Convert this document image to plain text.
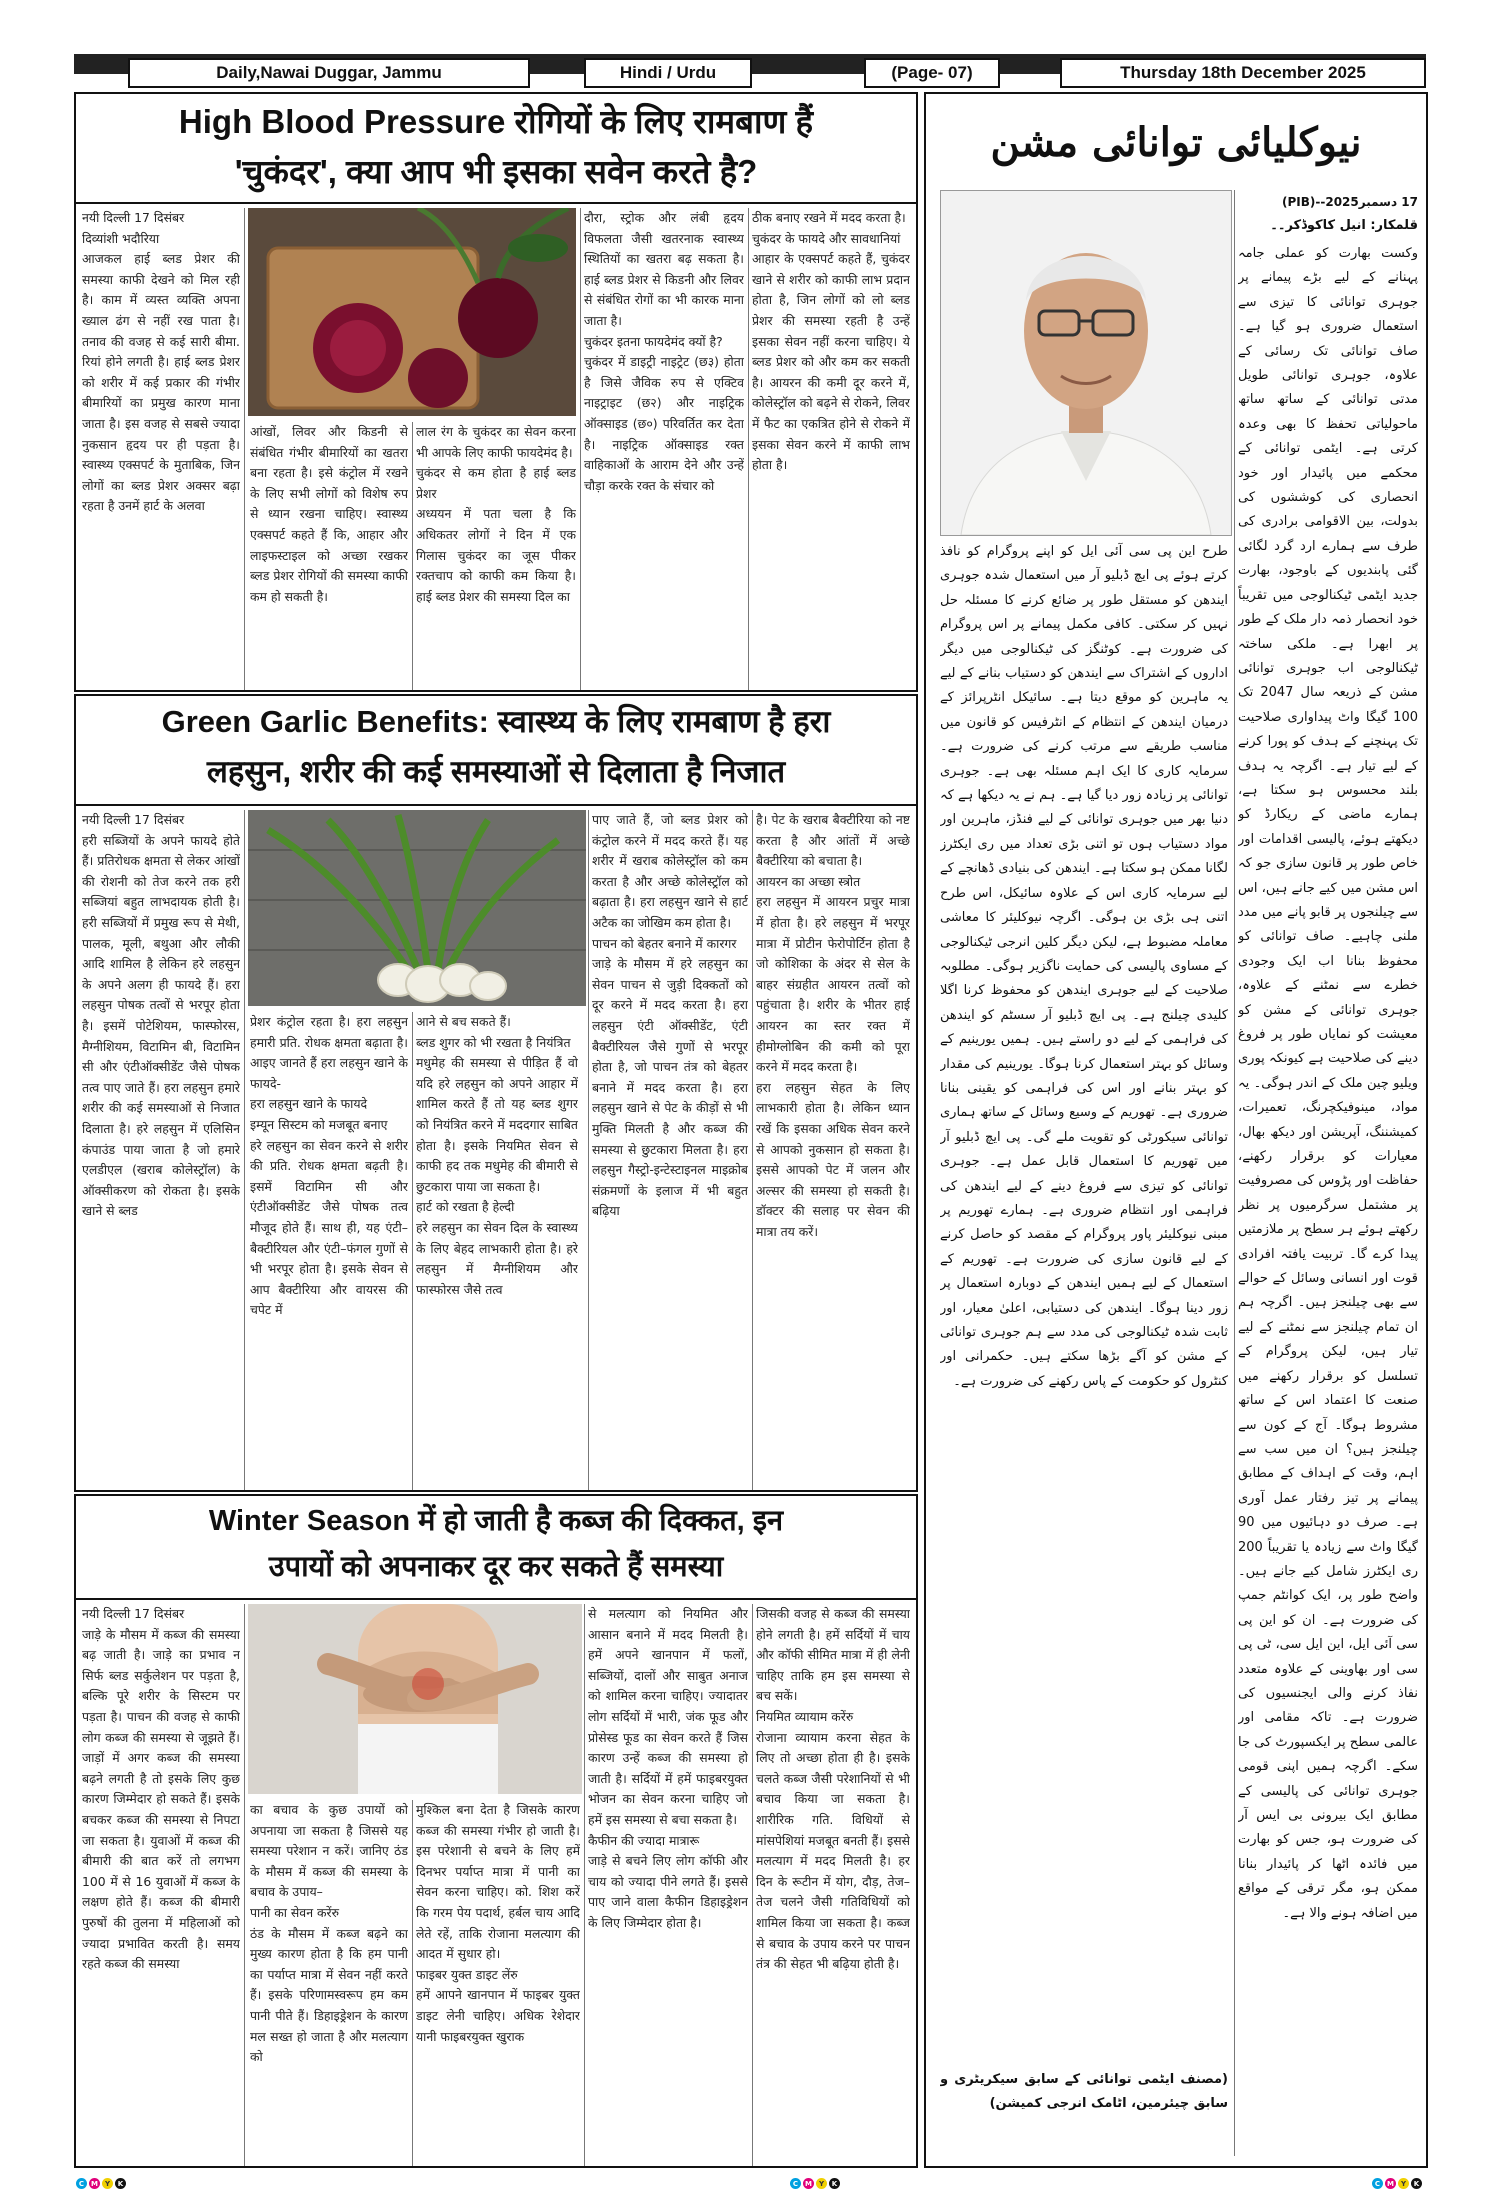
Daily,Nawai Duggar, Jammu	Hindi / Urdu	(Page- 07)	Thursday 18th December 2025
High Blood Pressure रोगियों के लिए रामबाण हैं
'चुकंदर', क्या आप भी इसका सवेन करते है?
नयी दिल्ली 17 दिसंबर
दिव्यांशी भदौरिया
आजकल हाई ब्लड प्रेशर की समस्या काफी देखने को मिल रही है। काम में व्यस्त व्यक्ति अपना ख्याल ढंग से नहीं रख पाता है। तनाव की वजह से कई सारी बीमा. रियां होने लगती है। हाई ब्लड प्रेशर को शरीर में कई प्रकार की गंभीर बीमारियों का प्रमुख कारण माना जाता है। इस वजह से सबसे ज्यादा नुकसान हृदय पर ही पड़ता है। स्वास्थ्य एक्सपर्ट के मुताबिक, जिन लोगों का ब्लड प्रेशर अक्सर बढ़ा रहता है उनमें हार्ट के अलवा
आंखों, लिवर और किडनी से संबंधित गंभीर बीमारियों का खतरा बना रहता है। इसे कंट्रोल में रखने के लिए सभी लोगों को विशेष रुप से ध्यान रखना चाहिए। स्वास्थ्य एक्सपर्ट कहते हैं कि, आहार और लाइफस्टाइल को अच्छा रखकर ब्लड प्रेशर रोगियों की समस्या काफी कम हो सकती है।
लाल रंग के चुकंदर का सेवन करना भी आपके लिए काफी फायदेमंद है।
चुकंदर से कम होता है हाई ब्लड प्रेशर
अध्ययन में पता चला है कि अधिकतर लोगों ने दिन में एक गिलास चुकंदर का जूस पीकर रक्तचाप को काफी कम किया है। हाई ब्लड प्रेशर की समस्या दिल का
दौरा, स्ट्रोक और लंबी हृदय विफलता जैसी खतरनाक स्वास्थ्य स्थितियों का खतरा बढ़ सकता है। हाई ब्लड प्रेशर से किडनी और लिवर से संबंधित रोगों का भी कारक माना जाता है।
चुकंदर इतना फायदेमंद क्यों है?
चुकंदर में डाइट्री नाइट्रेट (छ३) होता है जिसे जैविक रुप से एक्टिव नाइट्राइट (छ२) और नाइट्रिक ऑक्साइड (छ०) परिवर्तित कर देता है। नाइट्रिक ऑक्साइड रक्त वाहिकाओं के आराम देने और उन्हें चौड़ा करके रक्त के संचार को
ठीक बनाए रखने में मदद करता है।
चुकंदर के फायदे और सावधानियां
आहार के एक्सपर्ट कहते हैं, चुकंदर खाने से शरीर को काफी लाभ प्रदान होता है, जिन लोगों को लो ब्लड प्रेशर की समस्या रहती है उन्हें इसका सेवन नहीं करना चाहिए। ये ब्लड प्रेशर को और कम कर सकती है। आयरन की कमी दूर करने में, कोलेस्ट्रॉल को बढ़ने से रोकने, लिवर में फैट का एकत्रित होने से रोकने में इसका सेवन करने में काफी लाभ होता है।
Green Garlic Benefits: स्वास्थ्य के लिए रामबाण है हरा
लहसुन, शरीर की कई समस्याओं से दिलाता है निजात
नयी दिल्ली 17 दिसंबर
हरी सब्जियों के अपने फायदे होते हैं। प्रतिरोधक क्षमता से लेकर आंखों की रोशनी को तेज करने तक हरी सब्जियां बहुत लाभदायक होती है। हरी सब्जियों में प्रमुख रूप से मेथी, पालक, मूली, बथुआ और लौकी आदि शामिल है लेकिन हरे लहसुन के अपने अलग ही फायदे हैं। हरा लहसुन पोषक तत्वों से भरपूर होता है। इसमें पोटेशियम, फास्फोरस, मैग्नीशियम, विटामिन बी, विटामिन सी और एंटीऑक्सीडेंट जैसे पोषक तत्व पाए जाते हैं। हरा लहसुन हमारे शरीर की कई समस्याओं से निजात दिलाता है। हरे लहसुन में एलिसिन कंपाउंड पाया जाता है जो हमारे एलडीएल (खराब कोलेस्ट्रॉल) के ऑक्सीकरण को रोकता है। इसके खाने से ब्लड
प्रेशर कंट्रोल रहता है। हरा लहसुन हमारी प्रति. रोधक क्षमता बढ़ाता है। आइए जानते हैं हरा लहसुन खाने के फायदे-
हरा लहसुन खाने के फायदे
इम्यून सिस्टम को मजबूत बनाए
हरे लहसुन का सेवन करने से शरीर की प्रति. रोधक क्षमता बढ़ती है। इसमें विटामिन सी और एंटीऑक्सीडेंट जैसे पोषक तत्व मौजूद होते हैं। साथ ही, यह एंटी–बैक्टीरियल और एंटी–फंगल गुणों से भी भरपूर होता है। इसके सेवन से आप बैक्टीरिया और वायरस की चपेट में
आने से बच सकते हैं।
ब्लड शुगर को भी रखता है नियंत्रित
मधुमेह की समस्या से पीड़ित हैं वो यदि हरे लहसुन को अपने आहार में शामिल करते हैं तो यह ब्लड शुगर को नियंत्रित करने में मददगार साबित होता है। इसके नियमित सेवन से काफी हद तक मधुमेह की बीमारी से छुटकारा पाया जा सकता है।
हार्ट को रखता है हेल्दी
हरे लहसुन का सेवन दिल के स्वास्थ्य के लिए बेहद लाभकारी होता है। हरे लहसुन में मैग्नीशियम और फास्फोरस जैसे तत्व
पाए जाते हैं, जो ब्लड प्रेशर को कंट्रोल करने में मदद करते हैं। यह शरीर में खराब कोलेस्ट्रॉल को कम करता है और अच्छे कोलेस्ट्रॉल को बढ़ाता है। हरा लहसुन खाने से हार्ट अटैक का जोखिम कम होता है।
पाचन को बेहतर बनाने में कारगर
जाड़े के मौसम में हरे लहसुन का सेवन पाचन से जुड़ी दिक्कतों को दूर करने में मदद करता है। हरा लहसुन एंटी ऑक्सीडेंट, एंटी बैक्टीरियल जैसे गुणों से भरपूर होता है, जो पाचन तंत्र को बेहतर बनाने में मदद करता है। हरा लहसुन खाने से पेट के कीड़ों से भी मुक्ति मिलती है और कब्ज की समस्या से छुटकारा मिलता है। हरा लहसुन गैस्ट्रो-इन्टेस्टाइनल माइक्रोब संक्रमणों के इलाज में भी बहुत बढ़िया
है। पेट के खराब बैक्टीरिया को नष्ट करता है और आंतों में अच्छे बैक्टीरिया को बचाता है।
आयरन का अच्छा स्त्रोत
हरा लहसुन में आयरन प्रचुर मात्रा में होता है। हरे लहसुन में भरपूर मात्रा में प्रोटीन फेरोपोर्टिन होता है जो कोशिका के अंदर से सेल के बाहर संग्रहीत आयरन तत्वों को पहुंचाता है। शरीर के भीतर हाई आयरन का स्तर रक्त में हीमोग्लोबिन की कमी को पूरा करने में मदद करता है।
हरा लहसुन सेहत के लिए लाभकारी होता है। लेकिन ध्यान रखें कि इसका अधिक सेवन करने से आपको नुकसान हो सकता है। इससे आपको पेट में जलन और अल्सर की समस्या हो सकती है। डॉक्टर की सलाह पर सेवन की मात्रा तय करें।
Winter Season में हो जाती है कब्ज की दिक्कत, इन
उपायों को अपनाकर दूर कर सकते हैं समस्या
नयी दिल्ली 17 दिसंबर
जाड़े के मौसम में कब्ज की समस्या बढ़ जाती है। जाड़े का प्रभाव न सिर्फ ब्लड सर्कुलेशन पर पड़ता है, बल्कि पूरे शरीर के सिस्टम पर पड़ता है। पाचन की वजह से काफी लोग कब्ज की समस्या से जूझते हैं। जाड़ों में अगर कब्ज की समस्या बढ़ने लगती है तो इसके लिए कुछ कारण जिम्मेदार हो सकते हैं। इसके बचकर कब्ज की समस्या से निपटा जा सकता है। युवाओं में कब्ज की बीमारी की बात करें तो लगभग 100 में से 16 युवाओं में कब्ज के लक्षण होते हैं। कब्ज की बीमारी पुरुषों की तुलना में महिलाओं को ज्यादा प्रभावित करती है। समय रहते कब्ज की समस्या
का बचाव के कुछ उपायों को अपनाया जा सकता है जिससे यह समस्या परेशान न करें। जानिए ठंड के मौसम में कब्ज की समस्या के बचाव के उपाय–
पानी का सेवन करेंरु
ठंड के मौसम में कब्ज बढ़ने का मुख्य कारण होता है कि हम पानी का पर्याप्त मात्रा में सेवन नहीं करते हैं। इसके परिणामस्वरूप हम कम पानी पीते हैं। डिहाइड्रेशन के कारण मल सख्त हो जाता है और मलत्याग को
मुश्किल बना देता है जिसके कारण कब्ज की समस्या गंभीर हो जाती है। इस परेशानी से बचने के लिए हमें दिनभर पर्याप्त मात्रा में पानी का सेवन करना चाहिए। को. शिश करें कि गरम पेय पदार्थ, हर्बल चाय आदि लेते रहें, ताकि रोजाना मलत्याग की आदत में सुधार हो।
फाइबर युक्त डाइट लेंरु
हमें आपने खानपान में फाइबर युक्त डाइट लेनी चाहिए। अधिक रेशेदार यानी फाइबरयुक्त खुराक
से मलत्याग को नियमित और आसान बनाने में मदद मिलती है। हमें अपने खानपान में फलों, सब्जियों, दालों और साबुत अनाज को शामिल करना चाहिए। ज्यादातर लोग सर्दियों में भारी, जंक फूड और प्रोसेस्ड फूड का सेवन करते हैं जिस कारण उन्हें कब्ज की समस्या हो जाती है। सर्दियों में हमें फाइबरयुक्त भोजन का सेवन करना चाहिए जो हमें इस समस्या से बचा सकता है।
कैफीन की ज्यादा मात्रारू
जाड़े से बचने लिए लोग कॉफी और चाय को ज्यादा पीने लगते हैं। इससे पाए जाने वाला कैफीन डिहाइड्रेशन के लिए जिम्मेदार होता है।
जिसकी वजह से कब्ज की समस्या होने लगती है। हमें सर्दियों में चाय और कॉफी सीमित मात्रा में ही लेनी चाहिए ताकि हम इस समस्या से बच सकें।
नियमित व्यायाम करेंरु
रोजाना व्यायाम करना सेहत के लिए तो अच्छा होता ही है। इसके चलते कब्ज जैसी परेशानियों से भी बचाव किया जा सकता है। शारीरिक गति. विधियों से मांसपेशियां मजबूत बनती हैं। इससे मलत्याग में मदद मिलती है। हर दिन के रूटीन में योग, दौड़, तेज–तेज चलने जैसी गतिविधियों को शामिल किया जा सकता है। कब्ज से बचाव के उपाय करने पर पाचन तंत्र की सेहत भी बढ़िया होती है।
نیوکلیائی توانائی مشن
17 دسمبر2025--(PIB)
قلمکار: انیل کاکوڈکر۔۔
وکست بھارت کو عملی جامہ پہنانے کے لیے بڑے پیمانے پر جوہری توانائی کا تیزی سے استعمال ضروری ہو گیا ہے۔ صاف توانائی تک رسائی کے علاوہ، جوہری توانائی طویل مدتی توانائی کے ساتھ ساتھ ماحولیاتی تحفظ کا بھی وعدہ کرتی ہے۔ ایٹمی توانائی کے محکمے میں پائیدار اور خود انحصاری کی کوششوں کی بدولت، بین الاقوامی برادری کی طرف سے ہمارے ارد گرد لگائی گئی پابندیوں کے باوجود، بھارت جدید ایٹمی ٹیکنالوجی میں تقریباً خود انحصار ذمہ دار ملک کے طور پر ابھرا ہے۔ ملکی ساختہ ٹیکنالوجی اب جوہری توانائی مشن کے ذریعہ سال 2047 تک 100 گیگا واٹ پیداواری صلاحیت تک پہنچنے کے ہدف کو پورا کرنے کے لیے تیار ہے۔ اگرچہ یہ ہدف بلند محسوس ہو سکتا ہے، ہمارے ماضی کے ریکارڈ کو دیکھتے ہوئے، پالیسی اقدامات اور خاص طور پر قانون سازی جو کہ اس مشن میں کیے جانے ہیں، اس سے چیلنجوں پر قابو پانے میں مدد ملنی چاہیے۔ صاف توانائی کو محفوظ بنانا اب ایک وجودی خطرے سے نمٹنے کے علاوہ، جوہری توانائی کے مشن کو معیشت کو نمایاں طور پر فروغ دینے کی صلاحیت ہے کیونکہ پوری ویلیو چین ملک کے اندر ہوگی۔ یہ مواد، مینوفیکچرنگ، تعمیرات، کمیشننگ، آپریشن اور دیکھ بھال، معیارات کو برقرار رکھنے، حفاظت اور پڑوس کی مصروفیت پر مشتمل سرگرمیوں پر نظر رکھتے ہوئے ہر سطح پر ملازمتیں پیدا کرے گا۔ تربیت یافتہ افرادی قوت اور انسانی وسائل کے حوالے سے بھی چیلنجز ہیں۔ اگرچہ ہم ان تمام چیلنجز سے نمٹنے کے لیے تیار ہیں، لیکن پروگرام کے تسلسل کو برقرار رکھنے میں صنعت کا اعتماد اس کے ساتھ مشروط ہوگا۔ آج کے کون سے چیلنجز ہیں؟ ان میں سب سے اہم، وقت کے اہداف کے مطابق پیمانے پر تیز رفتار عمل آوری ہے۔ صرف دو دہائیوں میں 90 گیگا واٹ سے زیادہ یا تقریباً 200 ری ایکٹرز شامل کیے جانے ہیں۔ واضح طور پر، ایک کوانٹم جمپ کی ضرورت ہے۔ ان کو این پی سی آئی ایل، این ایل سی، ٹی پی سی اور بھاوینی کے علاوہ متعدد نفاذ کرنے والی ایجنسیوں کی ضرورت ہے۔ تاکہ مقامی اور عالمی سطح پر ایکسپورٹ کی جا سکے۔ اگرچہ ہمیں اپنی قومی جوہری توانائی کی پالیسی کے مطابق ایک بیرونی بی ایس آر کی ضرورت ہو، جس کو بھارت میں فائدہ اٹھا کر پائیدار بنانا ممکن ہو، مگر ترقی کے مواقع میں اضافہ ہونے والا ہے۔
طرح این پی سی آئی ایل کو اپنے پروگرام کو نافذ کرتے ہوئے پی ایچ ڈبلیو آر میں استعمال شدہ جوہری ایندھن کو مستقل طور پر ضائع کرنے کا مسئلہ حل نہیں کر سکتی۔ کافی مکمل پیمانے پر اس پروگرام کی ضرورت ہے۔ کوٹنگز کی ٹیکنالوجی میں دیگر اداروں کے اشتراک سے ایندھن کو دستیاب بنانے کے لیے یہ ماہرین کو موقع دیتا ہے۔ سائیکل انٹرپرائز کے درمیان ایندھن کے انتظام کے انٹرفیس کو قانون میں مناسب طریقے سے مرتب کرنے کی ضرورت ہے۔ سرمایہ کاری کا ایک اہم مسئلہ بھی ہے۔ جوہری توانائی پر زیادہ زور دیا گیا ہے۔ ہم نے یہ دیکھا ہے کہ دنیا بھر میں جوہری توانائی کے لیے فنڈز، ماہرین اور مواد دستیاب ہوں تو اتنی بڑی تعداد میں ری ایکٹرز لگانا ممکن ہو سکتا ہے۔ ایندھن کی بنیادی ڈھانچے کے لیے سرمایہ کاری اس کے علاوہ سائیکل، اس طرح اتنی ہی بڑی بن ہوگی۔ اگرچہ نیوکلیئر کا معاشی معاملہ مضبوط ہے، لیکن دیگر کلین انرجی ٹیکنالوجی کے مساوی پالیسی کی حمایت ناگزیر ہوگی۔ مطلوبہ صلاحیت کے لیے جوہری ایندھن کو محفوظ کرنا اگلا کلیدی چیلنج ہے۔ پی ایچ ڈبلیو آر سسٹم کو ایندھن کی فراہمی کے لیے دو راستے ہیں۔ ہمیں یورینیم کے وسائل کو بہتر استعمال کرنا ہوگا۔ یورینیم کی مقدار کو بہتر بنانے اور اس کی فراہمی کو یقینی بنانا ضروری ہے۔ تھوریم کے وسیع وسائل کے ساتھ ہماری توانائی سیکورٹی کو تقویت ملے گی۔ پی ایچ ڈبلیو آر میں تھوریم کا استعمال قابل عمل ہے۔ جوہری توانائی کو تیزی سے فروغ دینے کے لیے ایندھن کی فراہمی اور انتظام ضروری ہے۔ ہمارے تھوریم پر مبنی نیوکلیئر پاور پروگرام کے مقصد کو حاصل کرنے کے لیے قانون سازی کی ضرورت ہے۔ تھوریم کے استعمال کے لیے ہمیں ایندھن کے دوبارہ استعمال پر زور دینا ہوگا۔ ایندھن کی دستیابی، اعلیٰ معیار، اور ثابت شدہ ٹیکنالوجی کی مدد سے ہم جوہری توانائی کے مشن کو آگے بڑھا سکتے ہیں۔ حکمرانی اور کنٹرول کو حکومت کے پاس رکھنے کی ضرورت ہے۔
(مصنف ایٹمی توانائی کے سابق سیکریٹری و سابق چیئرمین، اٹامک انرجی کمیشن)
C M Y	K	C M Y	K	C M Y	K
